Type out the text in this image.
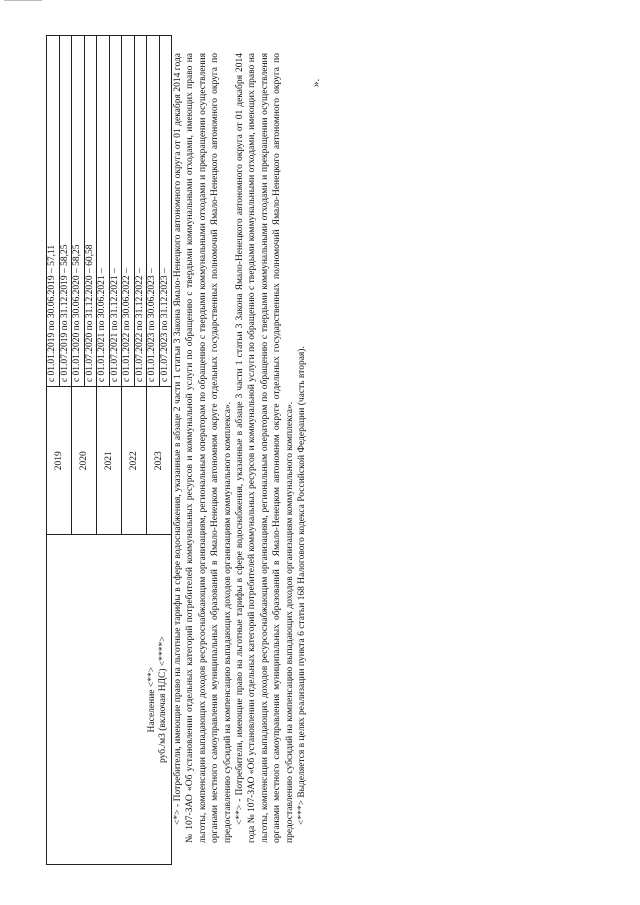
Население <**> руб./м3 (включая НДС) <****>	2019	с 01.01.2019 по 30.06.2019 – 57,11
		с 01.07.2019 по 31.12.2019 – 58,25
	2020	с 01.01.2020 по 30.06.2020 – 58,25
		с 01.07.2020 по 31.12.2020 – 60,58
	2021	с 01.01.2021 по 30.06.2021 –
		с 01.07.2021 по 31.12.2021 –
	2022	с 01.01.2022 по 30.06.2022 –
		с 01.07.2022 по 31.12.2022 –
	2023	с 01.01.2023 по 30.06.2023 –
		с 01.07.2023 по 31.12.2023 – <*> - Потребители, имеющие право на льготные тарифы в сфере водоснабжения, указанные в абзаце 2 части 1 статьи 3 Закона Ямало-Ненецкого автономного округа от 01 декабря 2014 года № 107-ЗАО «Об установлении отдельных категорий потребителей коммунальных ресурсов и коммунальной услуги по обращению с твердыми коммунальными отходами, имеющих право на льготы, компенсации выпадающих доходов ресурсоснабжающим организациям, региональным операторам по обращению с твердыми коммунальными отходами и прекращении осуществления органами местного самоуправления муниципальных образований в Ямало-Ненецком автономном округе отдельных государственных полномочий Ямало-Ненецкого автономного округа по предоставлению субсидий на компенсацию выпадающих доходов организациям коммунального комплекса». <**> - Потребители, имеющие право на льготные тарифы в сфере водоснабжения, указанные в абзаце 3 части 1 статьи 3 Закона Ямало-Ненецкого автономного округа от 01 декабря 2014 года № 107-ЗАО «Об установлении отдельных категорий потребителей коммунальных ресурсов и коммунальной услуги по обращению с твердыми коммунальными отходами, имеющих право на льготы, компенсации выпадающих доходов ресурсоснабжающим организациям, региональным операторам по обращению с твердыми коммунальными отходами и прекращении осуществления органами местного самоуправления муниципальных образований в Ямало-Ненецком автономном округе отдельных государственных полномочий Ямало-Ненецкого автономного округа по предоставлению субсидий на компенсацию выпадающих доходов организациям коммунального комплекса». <***> Выделяется в целях реализации пункта 6 статьи 168 Налогового кодекса Российской Федерации (часть вторая).

».
